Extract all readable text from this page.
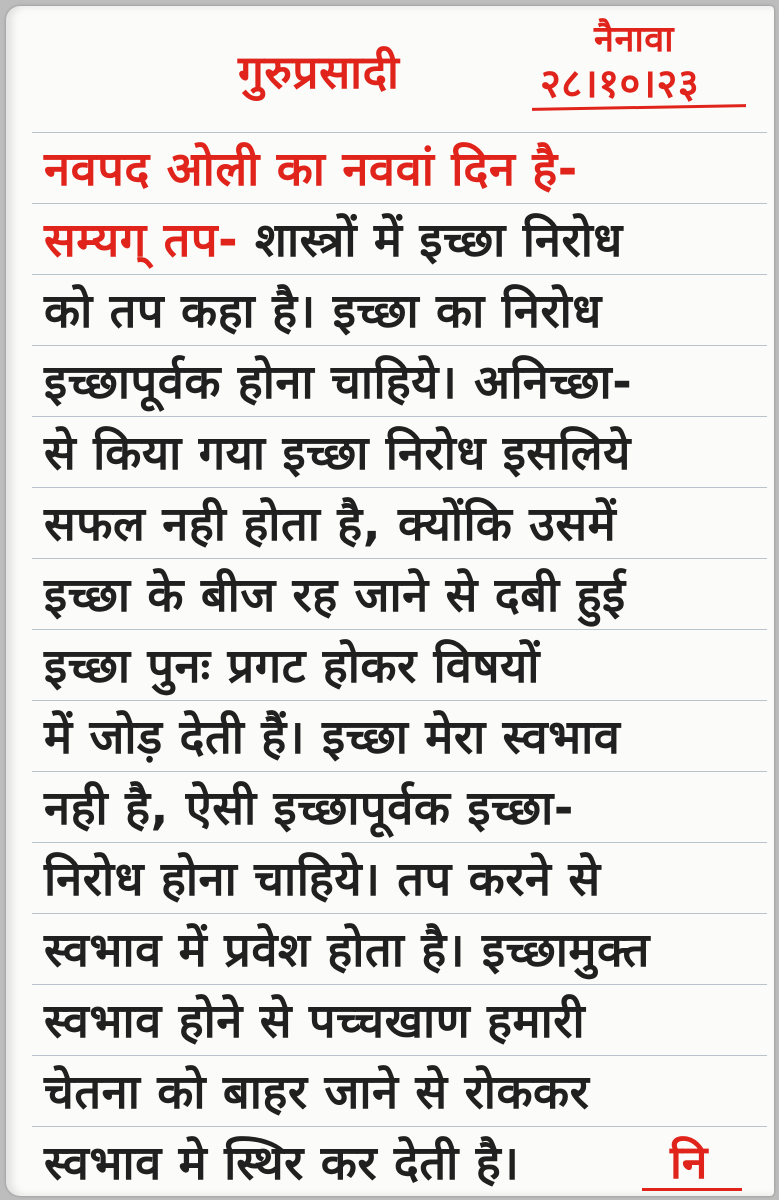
गुरुप्रसादी
नैनावा
२८।१०।२३
नवपद ओली का नववां दिन है-
सम्यग् तप- शास्त्रों में इच्छा निरोध
को तप कहा है। इच्छा का निरोध
इच्छापूर्वक होना चाहिये। अनिच्छा-
से किया गया इच्छा निरोध इसलिये
सफल नही होता है, क्योंकि उसमें
इच्छा के बीज रह जाने से दबी हुई
इच्छा पुनः प्रगट होकर विषयों
में जोड़ देती हैं। इच्छा मेरा स्वभाव
नही है, ऐसी इच्छापूर्वक इच्छा-
निरोध होना चाहिये। तप करने से
स्वभाव में प्रवेश होता है। इच्छामुक्त
स्वभाव होने से पच्चखाण हमारी
चेतना को बाहर जाने से रोककर
स्वभाव मे स्थिर कर देती है।	नि
